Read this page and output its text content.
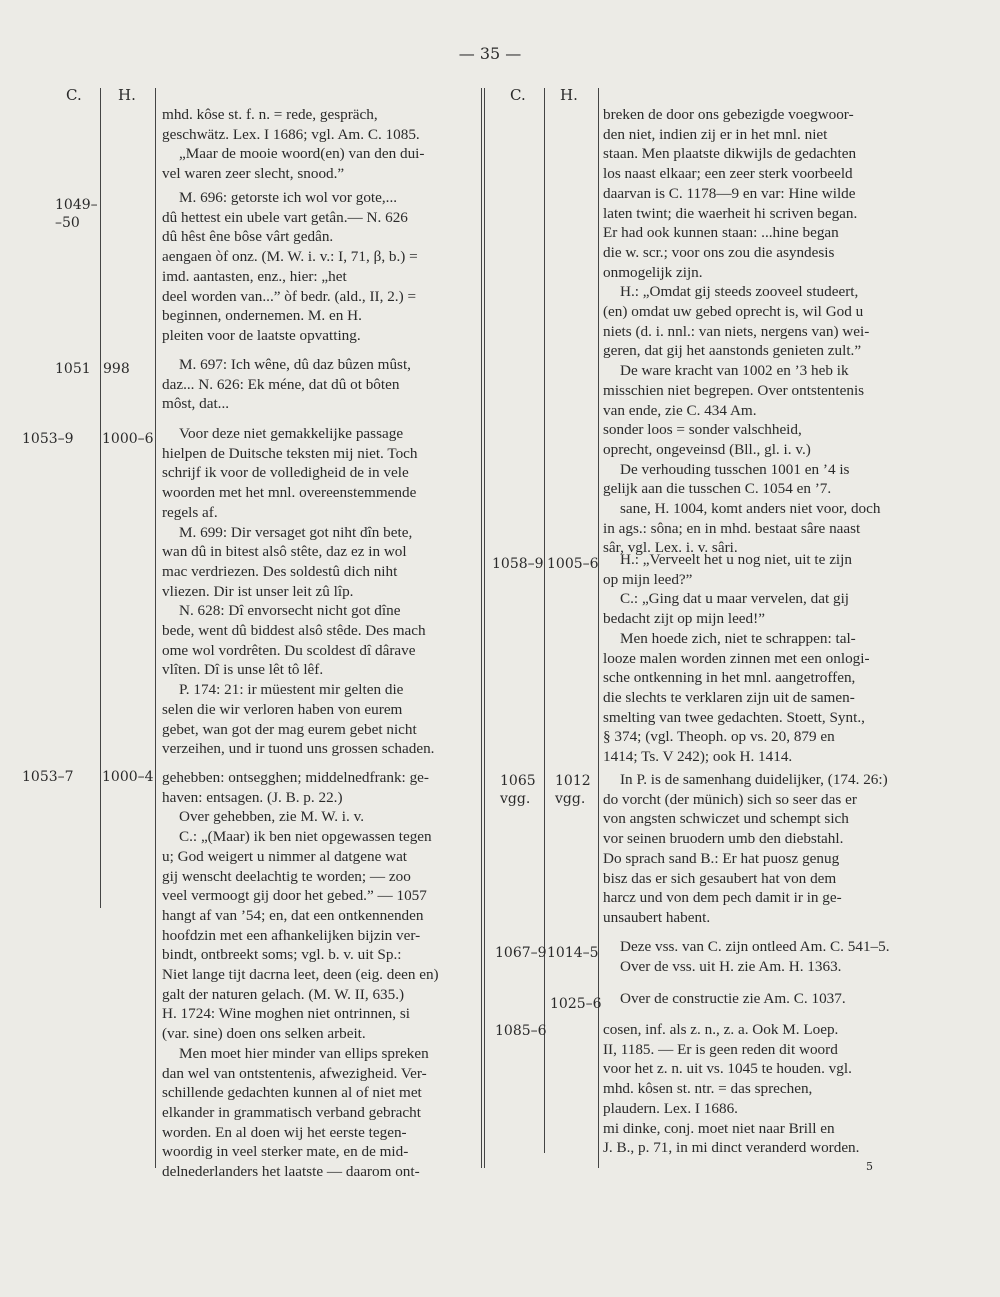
— 35 —
C. H.	C. H.
1049–
–50
1051 998
1053–9 1000–6
1053–7 1000–4
1058–9 1005–6
1065
vgg.
1012
vgg.
1067–9 1014–5
1025–6
1085–6

mhd. kôse st. f. n. = rede, gespräch,

geschwätz. Lex. I 1686; vgl. Am. C. 1085.

„Maar de mooie woord(en) van den dui-

vel waren zeer slecht, snood.”

M. 696: getorste ich wol vor gote,...

dû hettest ein ubele vart getân.— N. 626

dû hêst êne bôse vârt gedân.

aengaen òf onz. (M. W. i. v.: I, 71, β, b.) =

imd. aantasten, enz., hier: „het

deel worden van...” òf bedr. (ald., II, 2.) =

beginnen, ondernemen. M. en H.

pleiten voor de laatste opvatting.

M. 697: Ich wêne, dû daz bûzen mûst,

daz... N. 626: Ek méne, dat dû ot bôten

môst, dat...

Voor deze niet gemakkelijke passage

hielpen de Duitsche teksten mij niet. Toch

schrijf ik voor de volledigheid de in vele

woorden met het mnl. overeenstemmende

regels af.

M. 699: Dir versaget got niht dîn bete,

wan dû in bitest alsô stête, daz ez in wol

mac verdriezen. Des soldestû dich niht

vliezen. Dir ist unser leit zû lîp.

N. 628: Dî envorsecht nicht got dîne

bede, went dû biddest alsô stêde. Des mach

ome wol vordrêten. Du scoldest dî dârave

vlîten. Dî is unse lêt tô lêf.

P. 174: 21: ir müestent mir gelten die

selen die wir verloren haben von eurem

gebet, wan got der mag eurem gebet nicht

verzeihen, und ir tuond uns grossen schaden.

gehebben: ontsegghen; middelnedfrank: ge-

haven: entsagen. (J. B. p. 22.)

Over gehebben, zie M. W. i. v.

C.: „(Maar) ik ben niet opgewassen tegen

u; God weigert u nimmer al datgene wat

gij wenscht deelachtig te worden; — zoo

veel vermoogt gij door het gebed.” — 1057

hangt af van ’54; en, dat een ontkennenden

hoofdzin met een afhankelijken bijzin ver-

bindt, ontbreekt soms; vgl. b. v. uit Sp.:

Niet lange tijt dacrna leet, deen (eig. deen en)

galt der naturen gelach. (M. W. II, 635.)

H. 1724: Wine moghen niet ontrinnen, si

(var. sine) doen ons selken arbeit.

Men moet hier minder van ellips spreken

dan wel van ontstentenis, afwezigheid. Ver-

schillende gedachten kunnen al of niet met

elkander in grammatisch verband gebracht

worden. En al doen wij het eerste tegen-

woordig in veel sterker mate, en de mid-

delnederlanders het laatste — daarom ont-

breken de door ons gebezigde voegwoor-

den niet, indien zij er in het mnl. niet

staan. Men plaatste dikwijls de gedachten

los naast elkaar; een zeer sterk voorbeeld

daarvan is C. 1178—9 en var: Hine wilde

laten twint; die waerheit hi scriven began.

Er had ook kunnen staan: ...hine began

die w. scr.; voor ons zou die asyndesis

onmogelijk zijn.

H.: „Omdat gij steeds zooveel studeert,

(en) omdat uw gebed oprecht is, wil God u

niets (d. i. nnl.: van niets, nergens van) wei-

geren, dat gij het aanstonds genieten zult.”

De ware kracht van 1002 en ’3 heb ik

misschien niet begrepen. Over ontstentenis

van ende, zie C. 434 Am.

sonder loos = sonder valschheid,

oprecht, ongeveinsd (Bll., gl. i. v.)

De verhouding tusschen 1001 en ’4 is

gelijk aan die tusschen C. 1054 en ’7.

sane, H. 1004, komt anders niet voor, doch

in ags.: sôna; en in mhd. bestaat sâre naast

sâr, vgl. Lex. i. v. sâri.

H.: „Verveelt het u nog niet, uit te zijn

op mijn leed?”

C.: „Ging dat u maar vervelen, dat gij

bedacht zijt op mijn leed!”

Men hoede zich, niet te schrappen: tal-

looze malen worden zinnen met een onlogi-

sche ontkenning in het mnl. aangetroffen,

die slechts te verklaren zijn uit de samen-

smelting van twee gedachten. Stoett, Synt.,

§ 374; (vgl. Theoph. op vs. 20, 879 en

1414; Ts. V 242); ook H. 1414.

In P. is de samenhang duidelijker, (174. 26:)

do vorcht (der münich) sich so seer das er

von angsten schwiczet und schempt sich

vor seinen bruodern umb den diebstahl.

Do sprach sand B.: Er hat puosz genug

bisz das er sich gesaubert hat von dem

harcz und von dem pech damit ir in ge-

unsaubert habent.

Deze vss. van C. zijn ontleed Am. C. 541–5.

Over de vss. uit H. zie Am. H. 1363.

Over de constructie zie Am. C. 1037.

cosen, inf. als z. n., z. a. Ook M. Loep.

II, 1185. — Er is geen reden dit woord

voor het z. n. uit vs. 1045 te houden. vgl.

mhd. kôsen st. ntr. = das sprechen,

plaudern. Lex. I 1686.

mi dinke, conj. moet niet naar Brill en

J. B., p. 71, in mi dinct veranderd worden.

5
